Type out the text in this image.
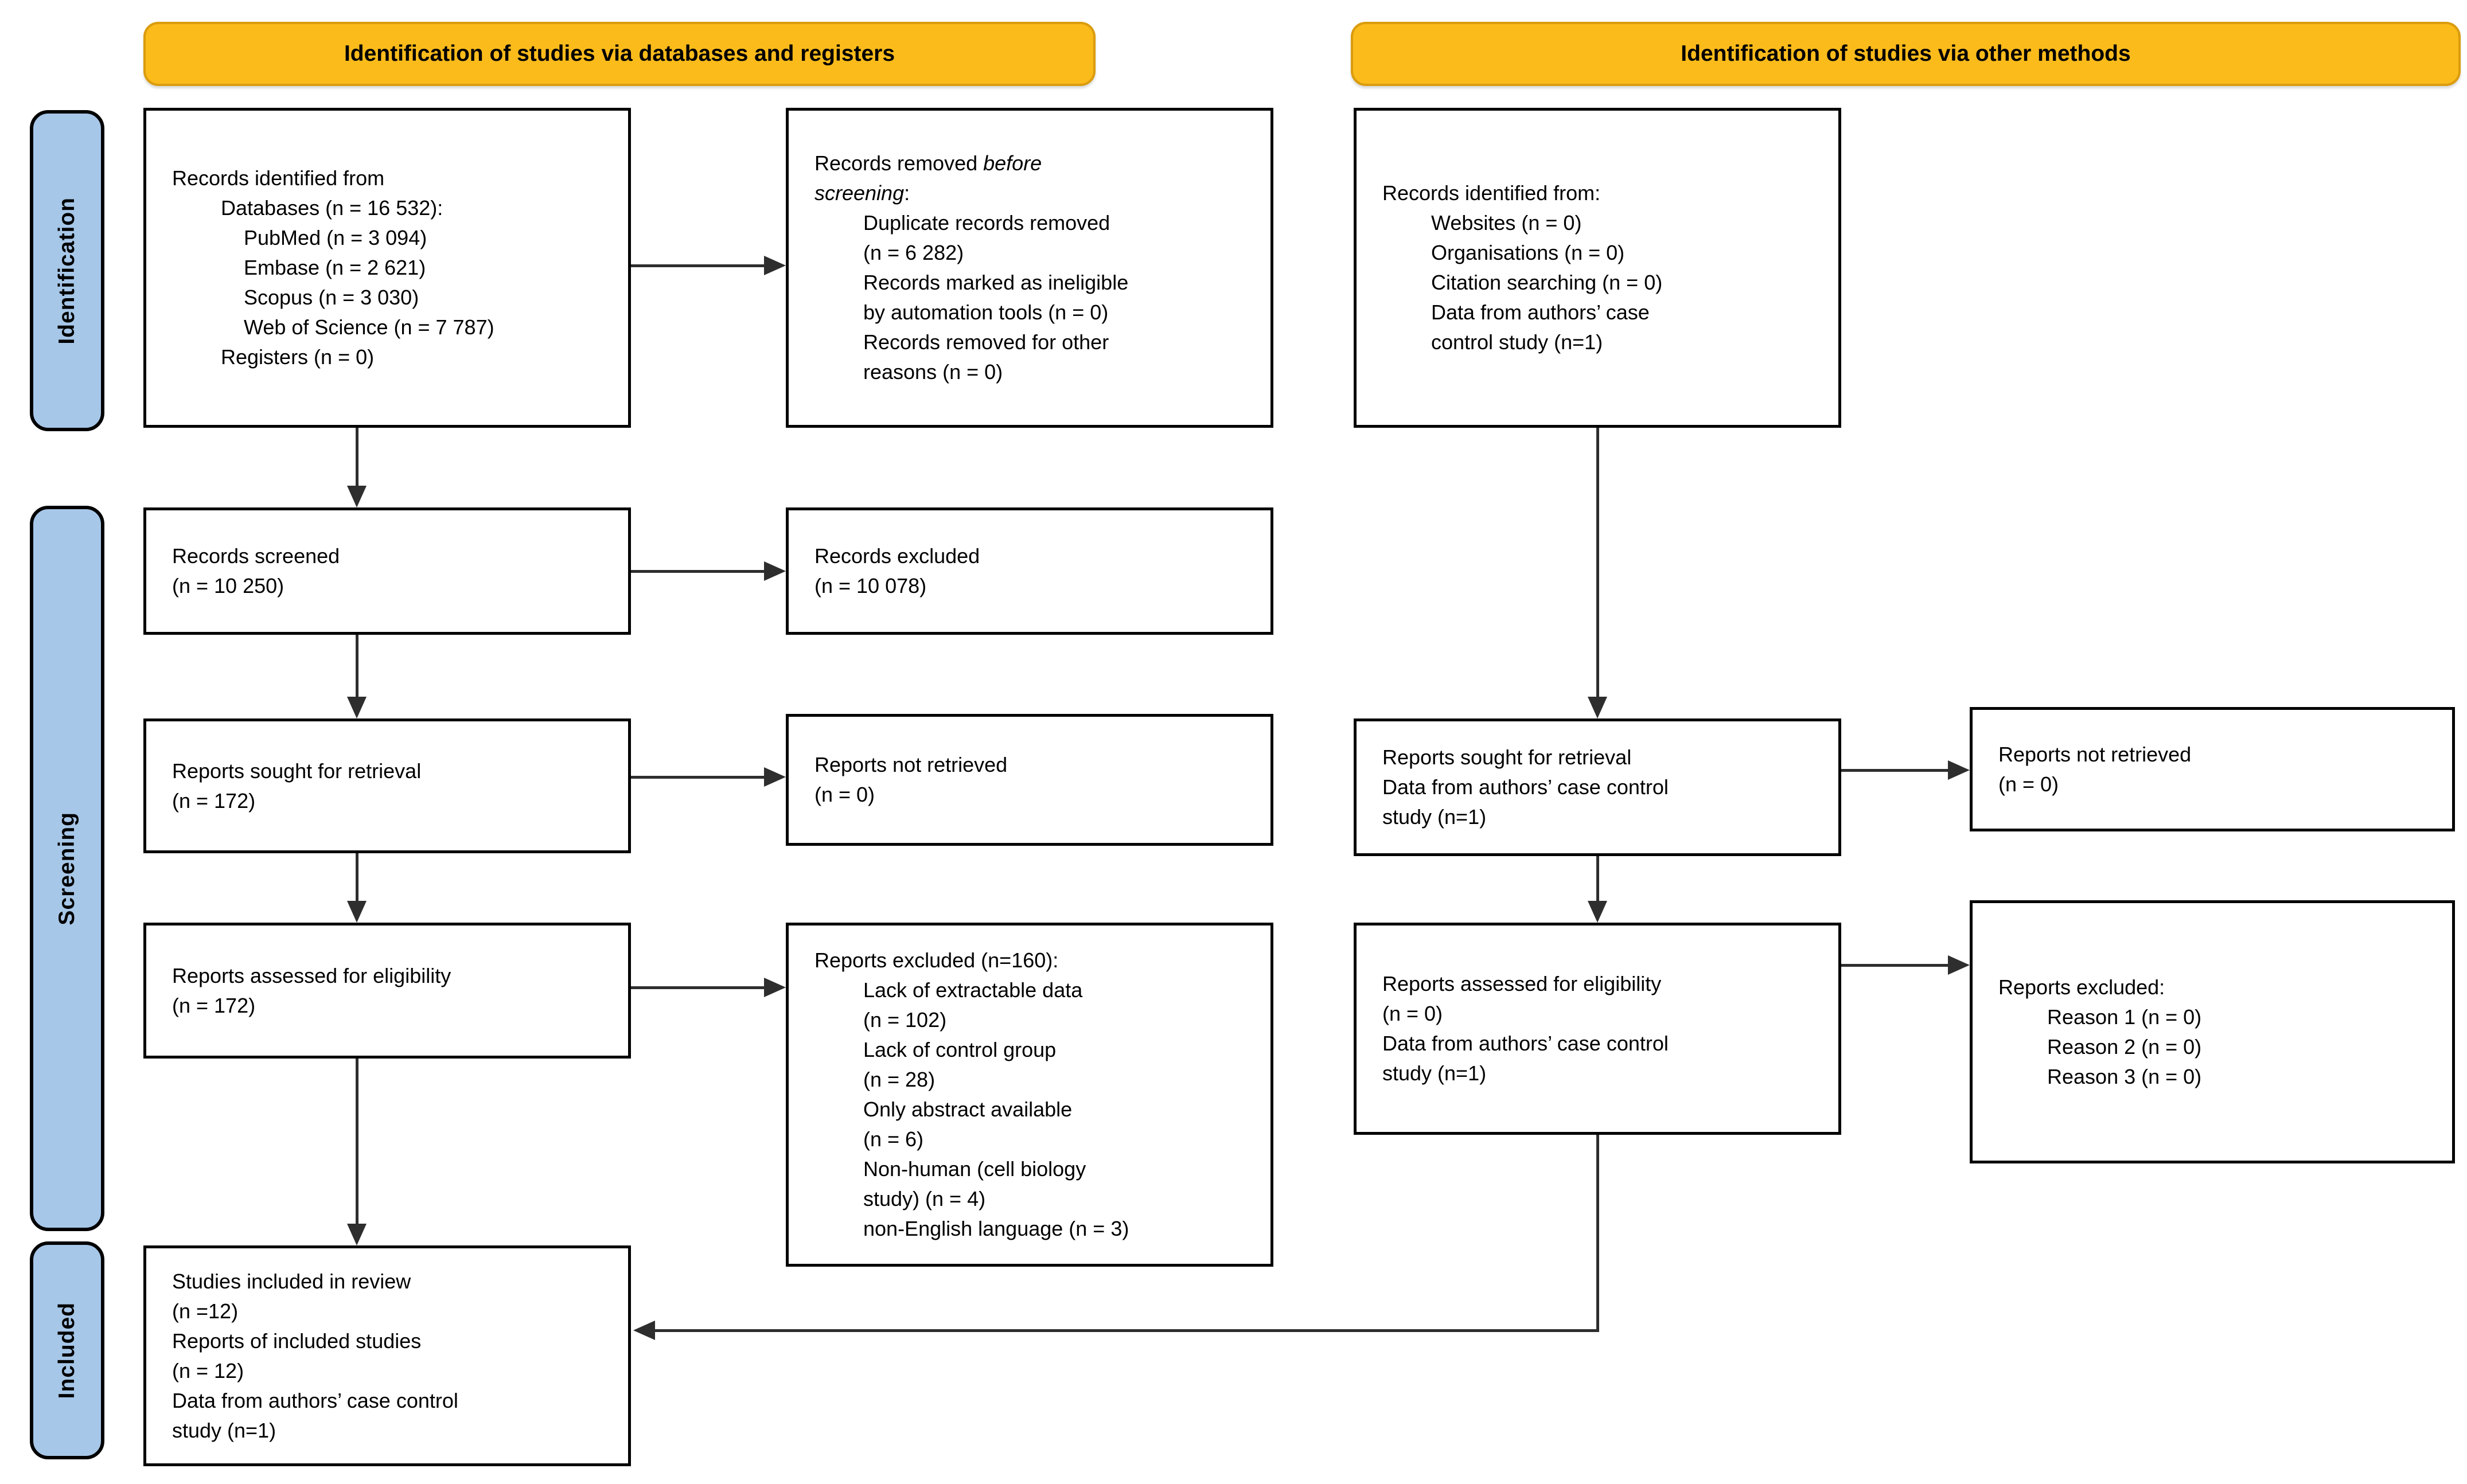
Identification of studies via databases and registers	Identification of studies via other methods
Identification
Screening
Included
Records identified from
Databases (n = 16 532):
PubMed (n = 3 094)
Embase (n = 2 621)
Scopus (n = 3 030)
Web of Science (n = 7 787)
Registers (n = 0)
Records removed before
screening:
Duplicate records removed
(n = 6 282)
Records marked as ineligible
by automation tools (n = 0)
Records removed for other
reasons (n = 0)
Records identified from:
Websites (n = 0)
Organisations (n = 0)
Citation searching (n = 0)
Data from authors’ case
control study (n=1)
Records screened
(n = 10 250)
Records excluded
(n = 10 078)
Reports sought for retrieval
(n = 172)
Reports not retrieved
(n = 0)
Reports sought for retrieval
Data from authors’ case control
study (n=1)
Reports not retrieved
(n = 0)
Reports assessed for eligibility
(n = 172)
Reports excluded (n=160):
Lack of extractable data
(n = 102)
Lack of control group
(n = 28)
Only abstract available
(n = 6)
Non-human (cell biology
study) (n = 4)
non-English language (n = 3)
Reports assessed for eligibility
(n = 0)
Data from authors’ case control
study (n=1)
Reports excluded:
Reason 1 (n = 0)
Reason 2 (n = 0)
Reason 3 (n = 0)
Studies included in review
(n =12)
Reports of included studies
(n = 12)
Data from authors’ case control
study (n=1)
